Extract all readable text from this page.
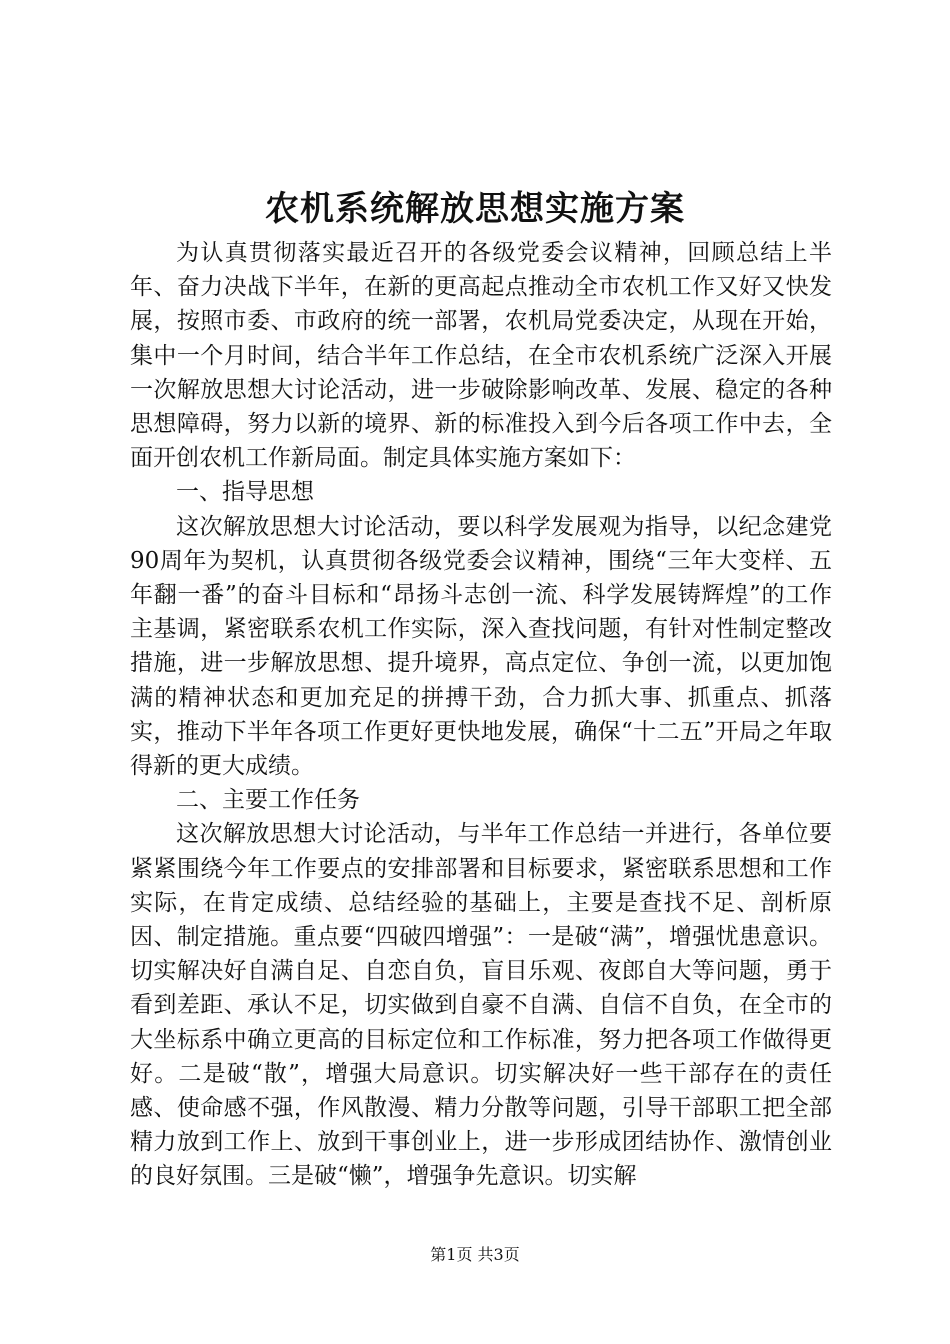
农机系统解放思想实施方案

为认真贯彻落实最近召开的各级党委会议精神，回顾总结上半年、奋力决战下半年，在新的更高起点推动全市农机工作又好又快发展，按照市委、市政府的统一部署，农机局党委决定，从现在开始，集中一个月时间，结合半年工作总结，在全市农机系统广泛深入开展一次解放思想大讨论活动，进一步破除影响改革、发展、稳定的各种思想障碍，努力以新的境界、新的标准投入到今后各项工作中去，全面开创农机工作新局面。制定具体实施方案如下：

一、指导思想

这次解放思想大讨论活动，要以科学发展观为指导，以纪念建党90周年为契机，认真贯彻各级党委会议精神，围绕“三年大变样、五年翻一番”的奋斗目标和“昂扬斗志创一流、科学发展铸辉煌”的工作主基调，紧密联系农机工作实际，深入查找问题，有针对性制定整改措施，进一步解放思想、提升境界，高点定位、争创一流，以更加饱满的精神状态和更加充足的拼搏干劲，合力抓大事、抓重点、抓落实，推动下半年各项工作更好更快地发展，确保“十二五”开局之年取得新的更大成绩。

二、主要工作任务

这次解放思想大讨论活动，与半年工作总结一并进行，各单位要紧紧围绕今年工作要点的安排部署和目标要求，紧密联系思想和工作实际，在肯定成绩、总结经验的基础上，主要是查找不足、剖析原因、制定措施。重点要“四破四增强”：一是破“满”，增强忧患意识。切实解决好自满自足、自恋自负，盲目乐观、夜郎自大等问题，勇于看到差距、承认不足，切实做到自豪不自满、自信不自负，在全市的大坐标系中确立更高的目标定位和工作标准，努力把各项工作做得更好。二是破“散”，增强大局意识。切实解决好一些干部存在的责任感、使命感不强，作风散漫、精力分散等问题，引导干部职工把全部精力放到工作上、放到干事创业上，进一步形成团结协作、激情创业的良好氛围。三是破“懒”，增强争先意识。切实解

第1页 共3页
